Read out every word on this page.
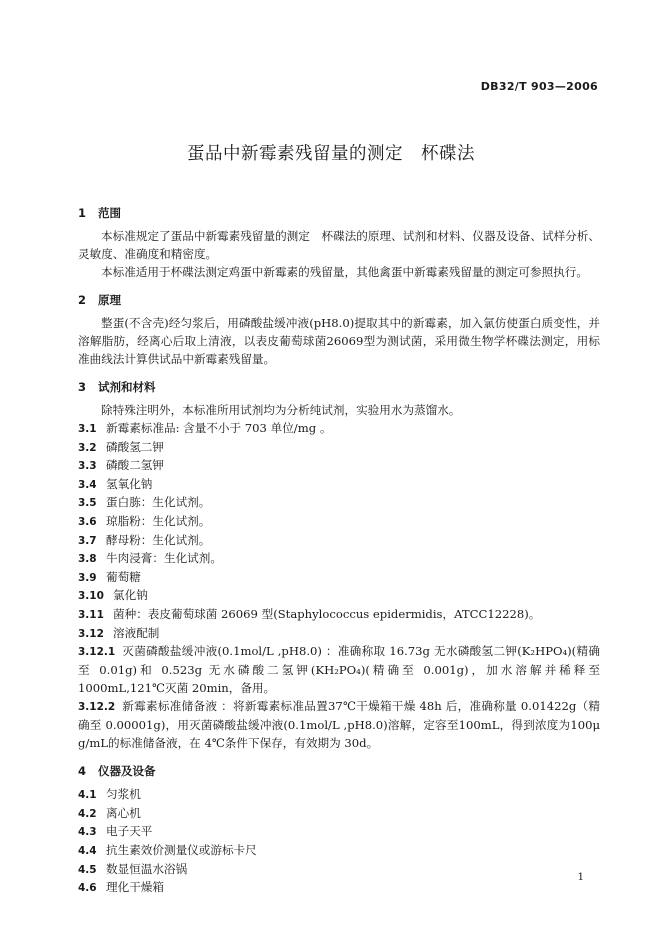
DB32/T 903—2006
蛋品中新霉素残留量的测定 杯碟法
1 范围
本标准规定了蛋品中新霉素残留量的测定　杯碟法的原理、试剂和材料、仪器及设备、试样分析、灵敏度、准确度和精密度。
本标准适用于杯碟法测定鸡蛋中新霉素的残留量，其他禽蛋中新霉素残留量的测定可参照执行。
2 原理
整蛋(不含壳)经匀浆后，用磷酸盐缓冲液(pH8.0)提取其中的新霉素，加入氯仿使蛋白质变性，并溶解脂肪，经离心后取上清液，以表皮葡萄球菌26069型为测试菌，采用微生物学杯碟法测定，用标准曲线法计算供试品中新霉素残留量。
3 试剂和材料
除特殊注明外，本标准所用试剂均为分析纯试剂，实验用水为蒸馏水。
3.1 新霉素标准品: 含量不小于 703 单位/mg 。
3.2 磷酸氢二钾
3.3 磷酸二氢钾
3.4 氢氧化钠
3.5 蛋白胨：生化试剂。
3.6 琼脂粉：生化试剂。
3.7 酵母粉：生化试剂。
3.8 牛肉浸膏：生化试剂。
3.9 葡萄糖
3.10 氯化钠
3.11 菌种：表皮葡萄球菌 26069 型(Staphylococcus epidermidis，ATCC12228)。
3.12 溶液配制
3.12.1 灭菌磷酸盐缓冲液(0.1mol/L ,pH8.0) ：准确称取 16.73g 无水磷酸氢二钾(K₂HPO₄)(精确至 0.01g)和 0.523g 无水磷酸二氢钾(KH₂PO₄)(精确至 0.001g)，加水溶解并稀释至 1000mL,121℃灭菌 20min，备用。
3.12.2 新霉素标准储备液 ：将新霉素标准品置37℃干燥箱干燥 48h 后，准确称量 0.01422g（精确至 0.00001g)，用灭菌磷酸盐缓冲液(0.1mol/L ,pH8.0)溶解，定容至100mL，得到浓度为100μ g/mL的标准储备液，在 4℃条件下保存，有效期为 30d。
4 仪器及设备
4.1 匀浆机
4.2 离心机
4.3 电子天平
4.4 抗生素效价测量仪或游标卡尺
4.5 数显恒温水浴锅
4.6 理化干燥箱
1
